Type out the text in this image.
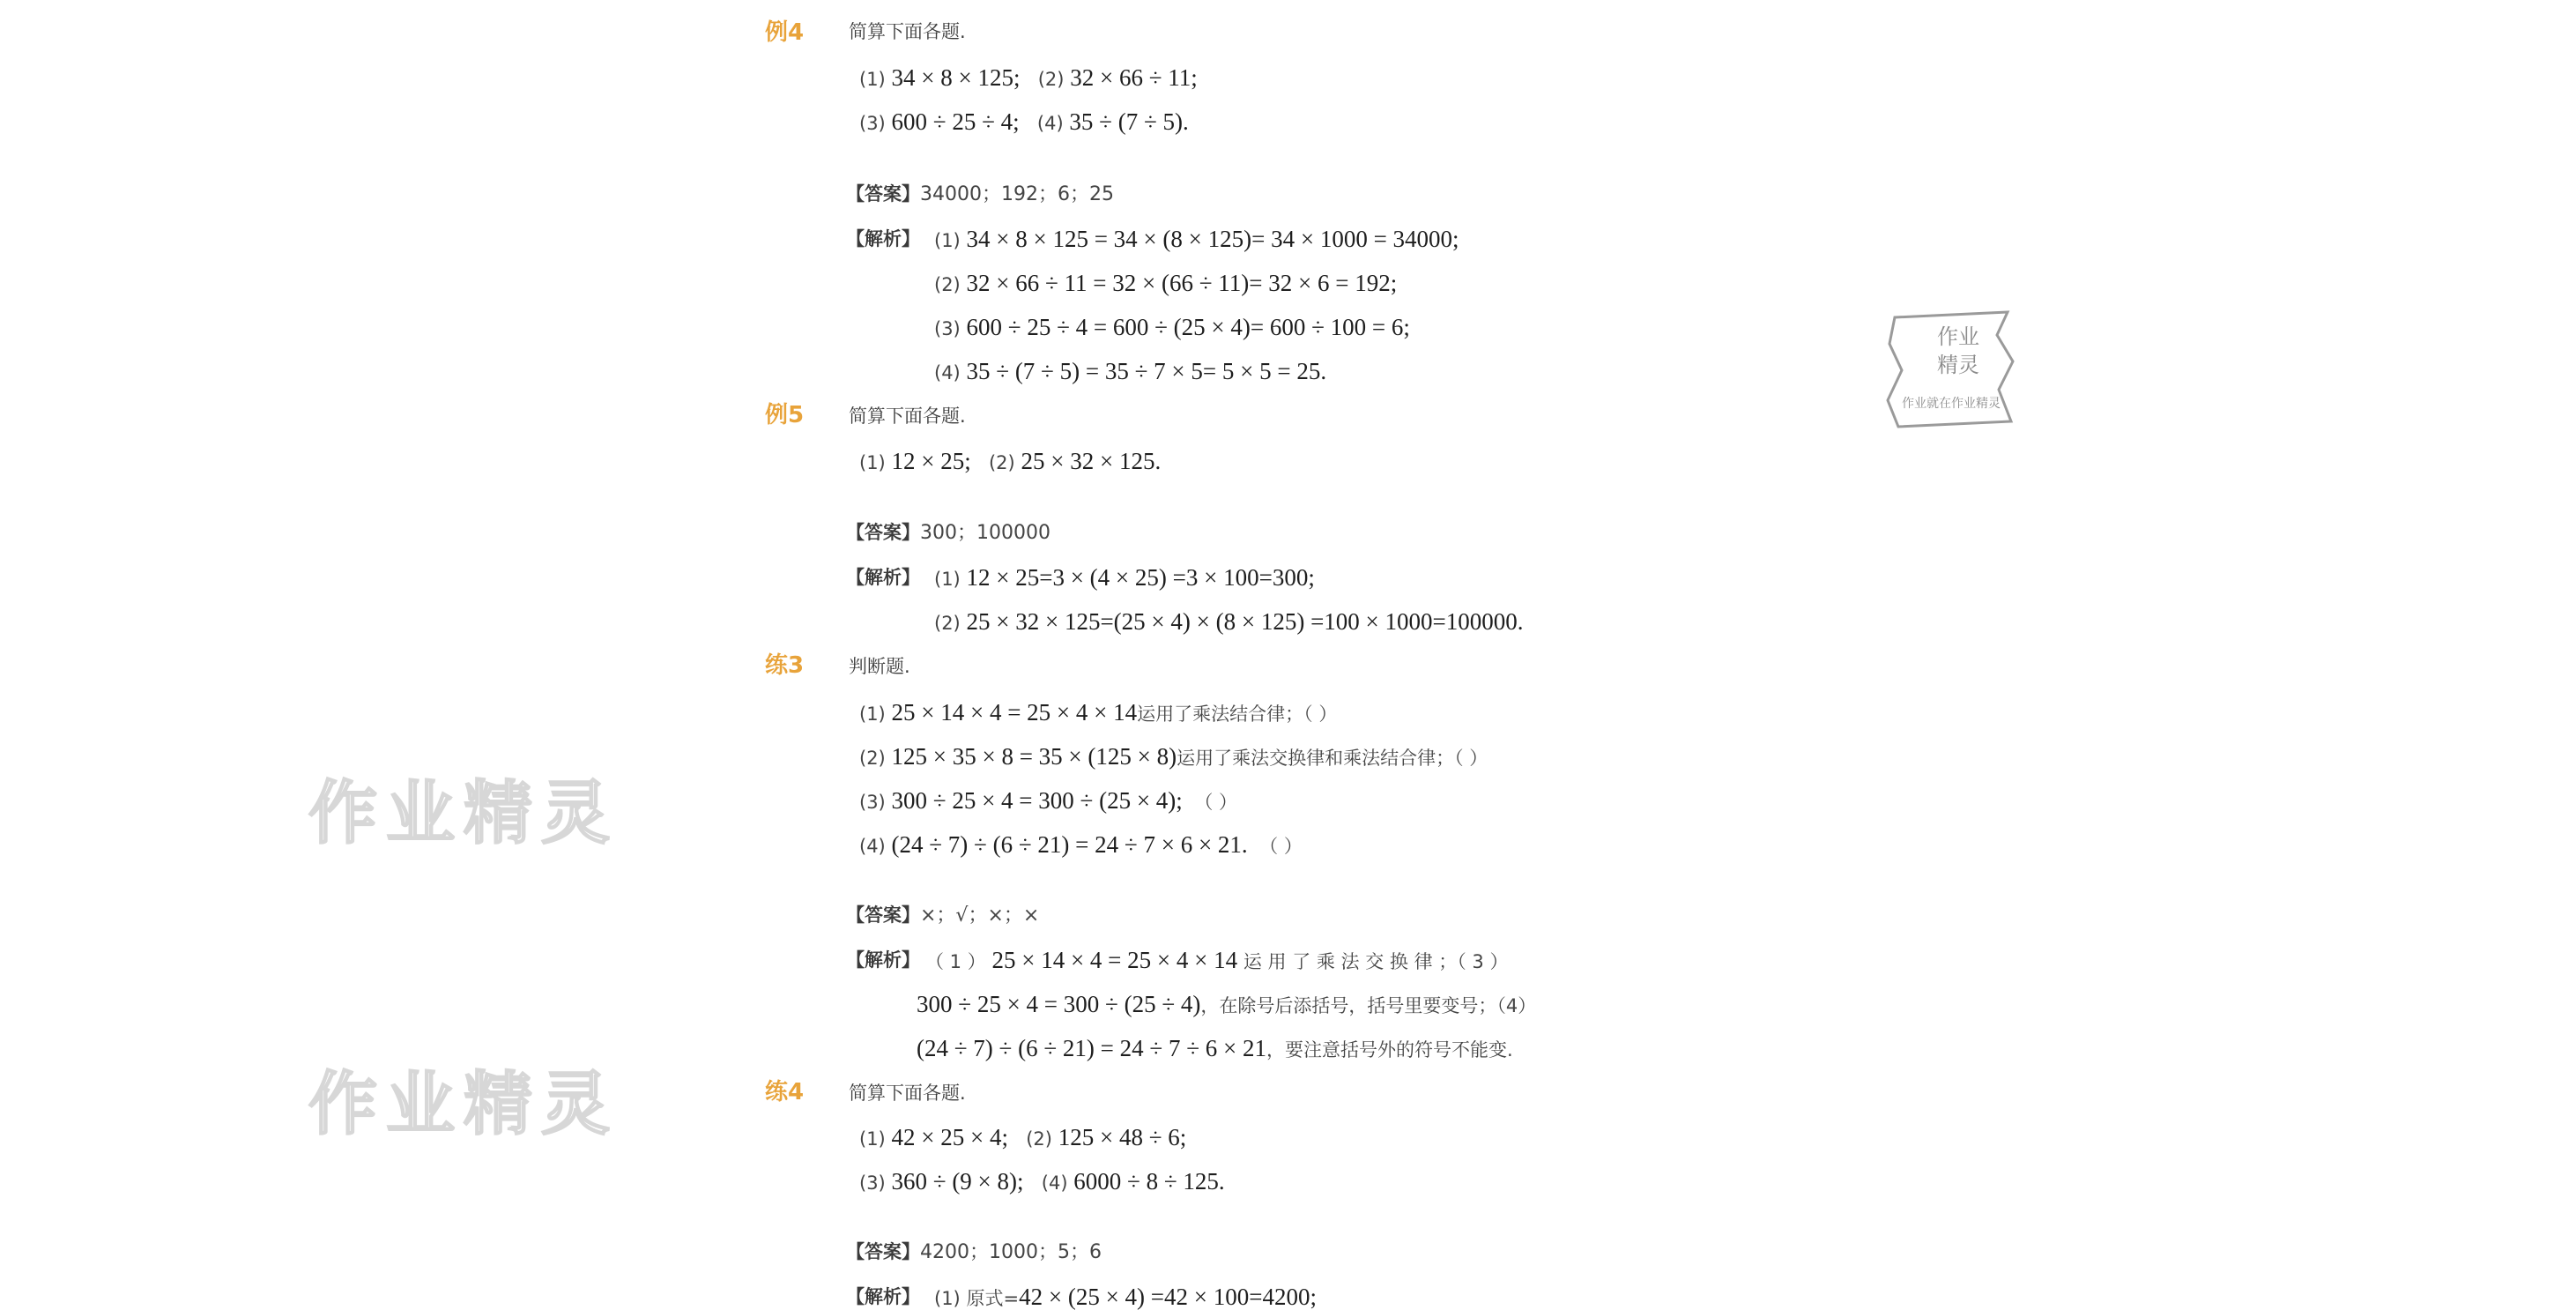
作业精灵
作业精灵
作业
精灵
作业就在作业精灵
例4 简算下面各题.
(1) 34 × 8 × 125; (2) 32 × 66 ÷ 11;
(3) 600 ÷ 25 ÷ 4; (4) 35 ÷ (7 ÷ 5).
【答案】34000；192；6；25
【解析】 (1) 34 × 8 × 125 = 34 × (8 × 125)= 34 × 1000 = 34000;
(2) 32 × 66 ÷ 11 = 32 × (66 ÷ 11)= 32 × 6 = 192;
(3) 600 ÷ 25 ÷ 4 = 600 ÷ (25 × 4)= 600 ÷ 100 = 6;
(4) 35 ÷ (7 ÷ 5) = 35 ÷ 7 × 5= 5 × 5 = 25.
例5 简算下面各题.
(1) 12 × 25; (2) 25 × 32 × 125.
【答案】300；100000
【解析】 (1) 12 × 25=3 × (4 × 25) =3 × 100=300;
(2) 25 × 32 × 125=(25 × 4) × (8 × 125) =100 × 1000=100000.
练3 判断题.
(1) 25 × 14 × 4 = 25 × 4 × 14运用了乘法结合律；（ ）
(2) 125 × 35 × 8 = 35 × (125 × 8)运用了乘法交换律和乘法结合律；（ ）
(3) 300 ÷ 25 × 4 = 300 ÷ (25 × 4); （ ）
(4) (24 ÷ 7) ÷ (6 ÷ 21) = 24 ÷ 7 × 6 × 21. （ ）
【答案】×；√；×；×
【解析】 （ 1 ） 25 × 14 × 4 = 25 × 4 × 14 运 用 了 乘 法 交 换 律 ；（ 3 ）
300 ÷ 25 × 4 = 300 ÷ (25 ÷ 4)，在除号后添括号，括号里要变号；（4）
(24 ÷ 7) ÷ (6 ÷ 21) = 24 ÷ 7 ÷ 6 × 21，要注意括号外的符号不能变.
练4 简算下面各题.
(1) 42 × 25 × 4; (2) 125 × 48 ÷ 6;
(3) 360 ÷ (9 × 8); (4) 6000 ÷ 8 ÷ 125.
【答案】4200；1000；5；6
【解析】 (1) 原式=42 × (25 × 4) =42 × 100=4200;
